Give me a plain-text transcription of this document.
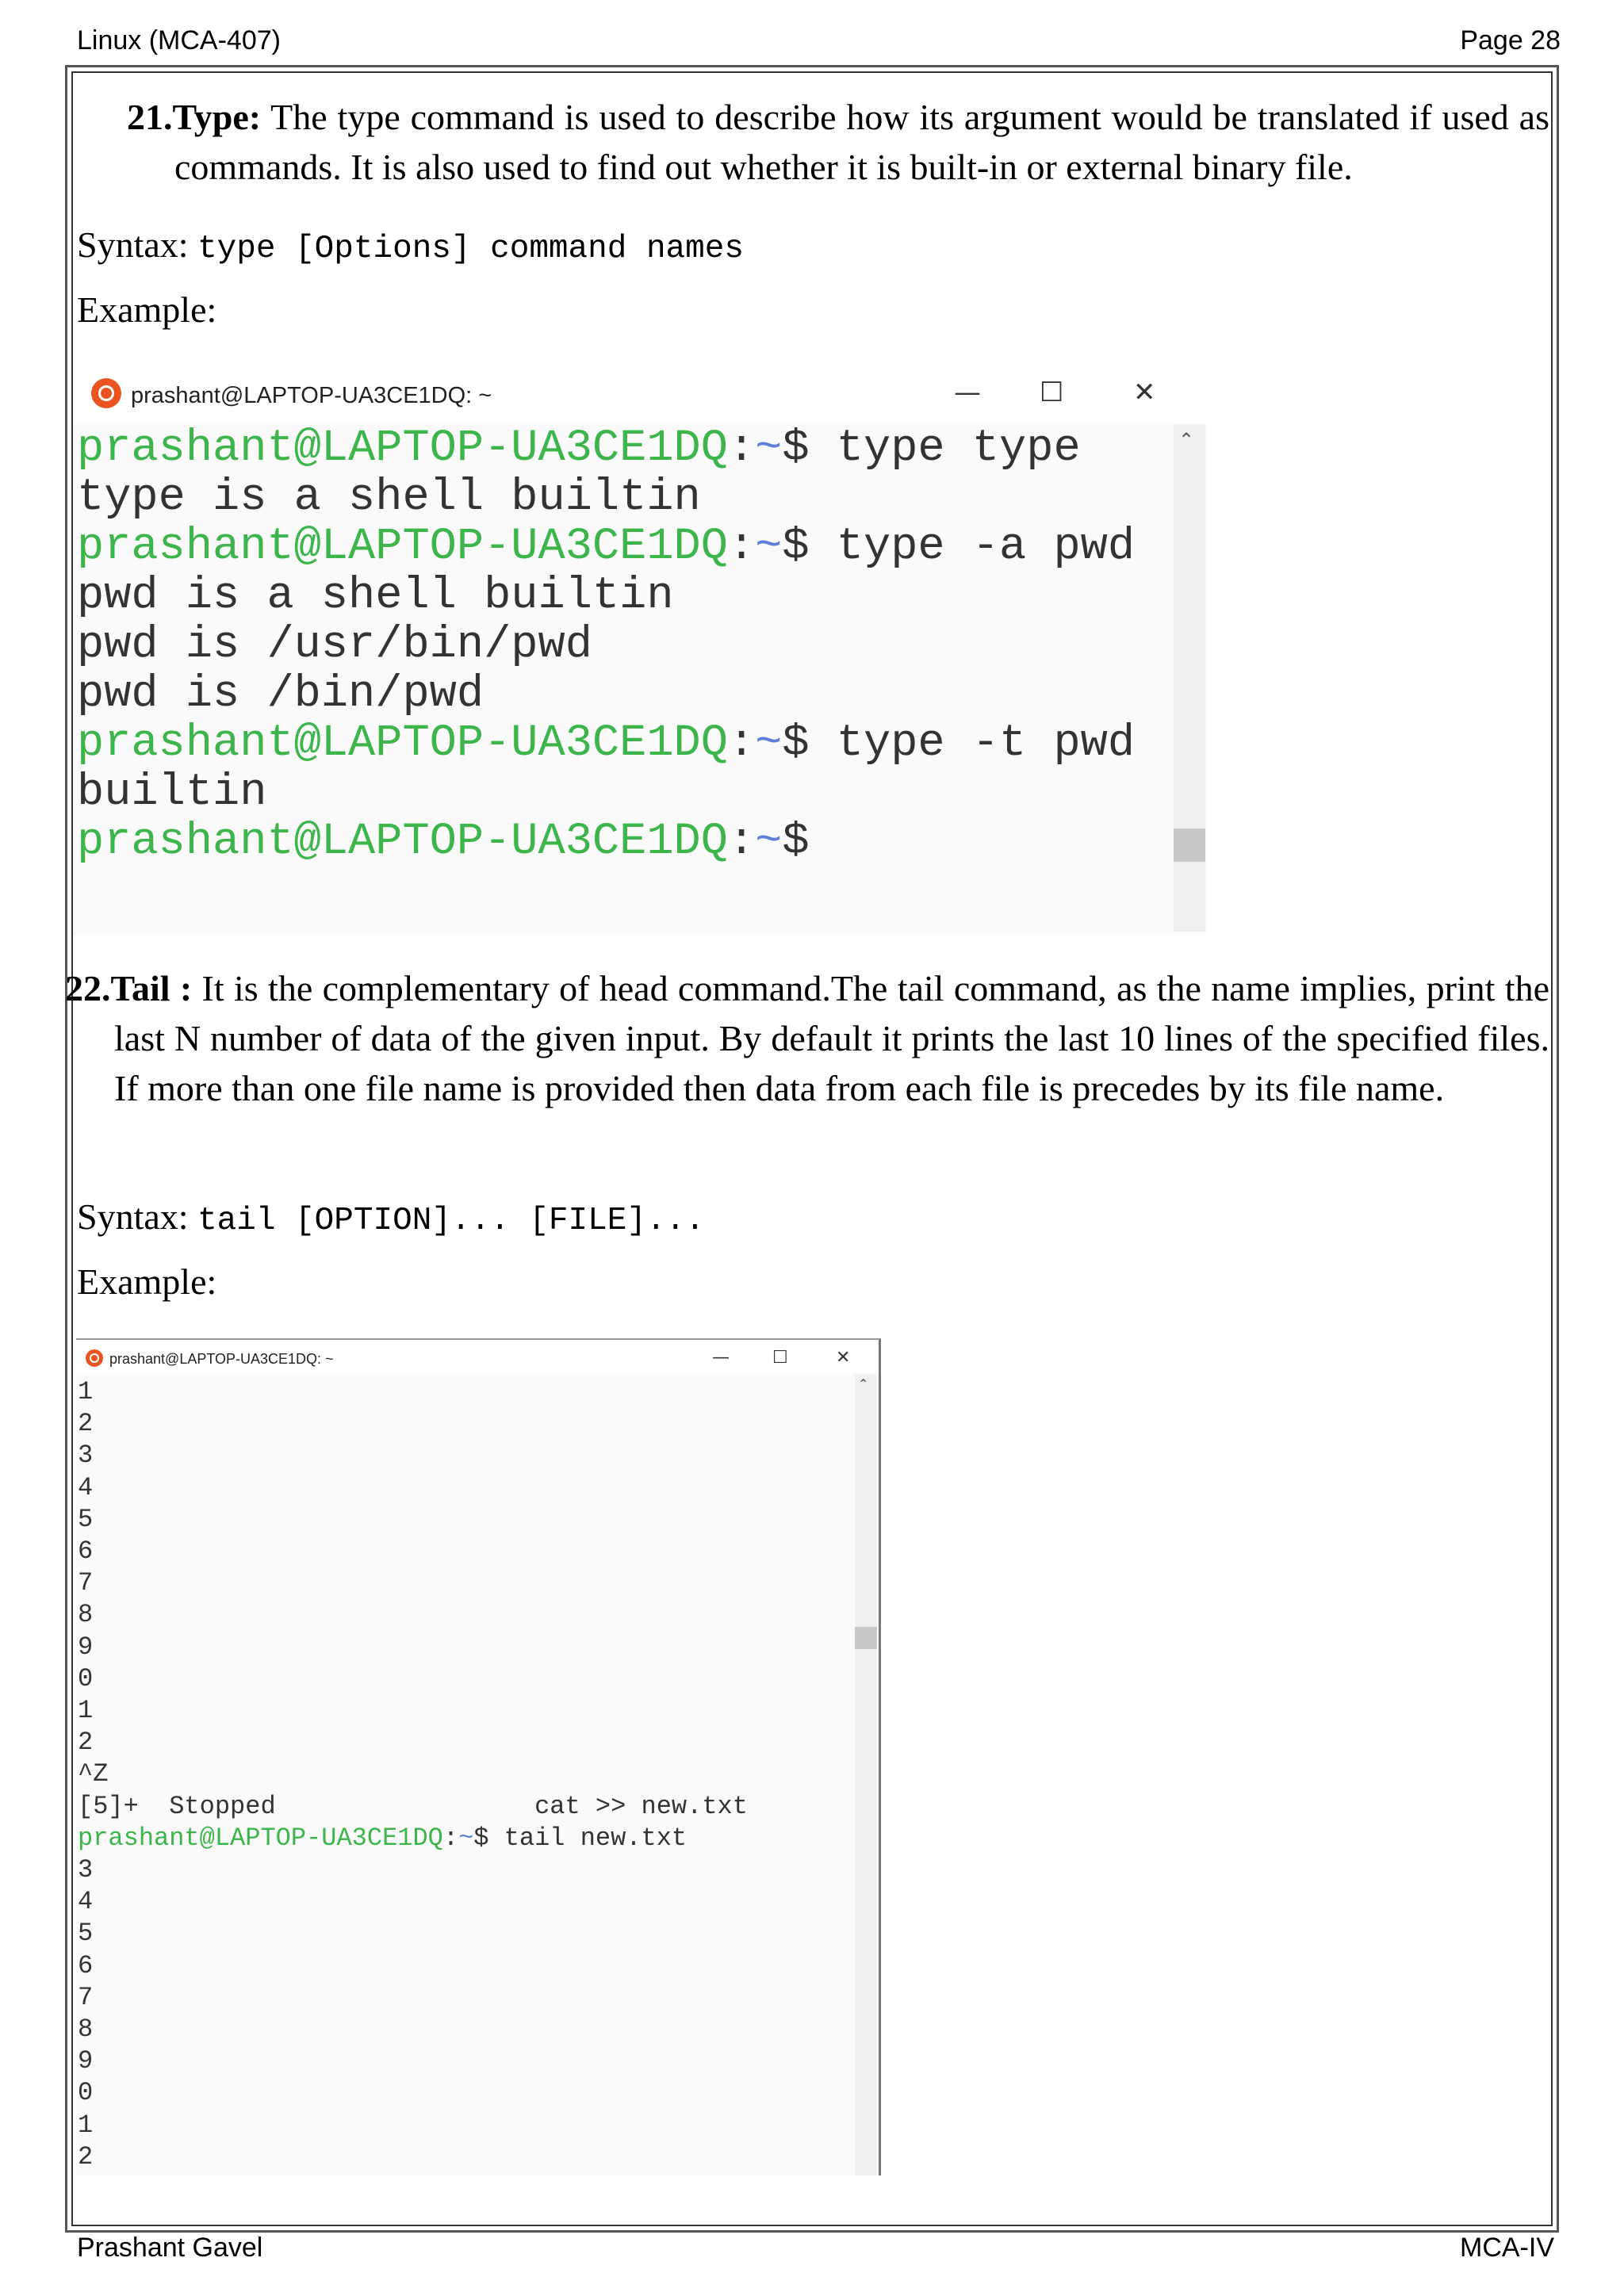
Linux (MCA-407)	Page 28
21.Type: The type command is used to describe how its argument would be translated if used as commands. It is also used to find out whether it is built-in or external binary file.
Syntax: type [Options] command names
Example:
prashant@LAPTOP-UA3CE1DQ: ~	— ☐	✕
prashant@LAPTOP-UA3CE1DQ:~$ type type
type is a shell builtin
prashant@LAPTOP-UA3CE1DQ:~$ type -a pwd
pwd is a shell builtin
pwd is /usr/bin/pwd
pwd is /bin/pwd
prashant@LAPTOP-UA3CE1DQ:~$ type -t pwd
builtin
prashant@LAPTOP-UA3CE1DQ:~$
⌃
22.Tail : It is the complementary of head command.The tail command, as the name implies, print the last N number of data of the given input. By default it prints the last 10 lines of the specified files. If more than one file name is provided then data from each file is precedes by its file name.
Syntax: tail [OPTION]... [FILE]...
Example:
prashant@LAPTOP-UA3CE1DQ: ~	— ☐	✕
1
2
3
4
5
6
7
8
9
0
1
2
^Z
[5]+  Stopped                 cat >> new.txt
prashant@LAPTOP-UA3CE1DQ:~$ tail new.txt
3
4
5
6
7
8
9
0
1
2
⌃
Prashant Gavel	MCA-IV
